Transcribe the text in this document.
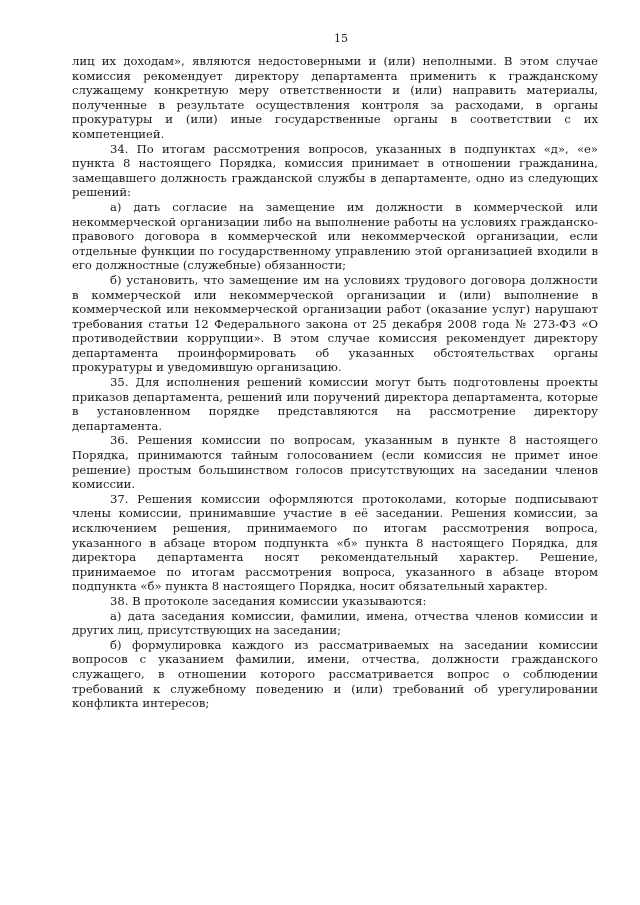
15

лиц их доходам», являются недостоверными и (или) неполными. В этом случае комиссия рекомендует директору департамента применить к гражданскому служащему конкретную меру ответственности и (или) направить материалы, полученные в результате осуществления контроля за расходами, в органы прокуратуры и (или) иные государственные органы в соответствии с их компетенцией.

34. По итогам рассмотрения вопросов, указанных в подпунктах «д», «е» пункта 8 настоящего Порядка, комиссия принимает в отношении гражданина, замещавшего должность гражданской службы в департаменте, одно из следующих решений:

а) дать согласие на замещение им должности в коммерческой или некоммерческой организации либо на выполнение работы на условиях гражданско-правового договора в коммерческой или некоммерческой организации, если отдельные функции по государственному управлению этой организацией входили в его должностные (служебные) обязанности;

б) установить, что замещение им на условиях трудового договора должности в коммерческой или некоммерческой организации и (или) выполнение в коммерческой или некоммерческой организации работ (оказание услуг) нарушают требования статьи 12 Федерального закона от 25 декабря 2008 года № 273-ФЗ «О противодействии коррупции». В этом случае комиссия рекомендует директору департамента проинформировать об указанных обстоятельствах органы прокуратуры и уведомившую организацию.

35. Для исполнения решений комиссии могут быть подготовлены проекты приказов департамента, решений или поручений директора департамента, которые в установленном порядке представляются на рассмотрение директору департамента.

36. Решения комиссии по вопросам, указанным в пункте 8 настоящего Порядка, принимаются тайным голосованием (если комиссия не примет иное решение) простым большинством голосов присутствующих на заседании членов комиссии.

37. Решения комиссии оформляются протоколами, которые подписывают члены комиссии, принимавшие участие в её заседании. Решения комиссии, за исключением решения, принимаемого по итогам рассмотрения вопроса, указанного в абзаце втором подпункта «б» пункта 8 настоящего Порядка, для директора департамента носят рекомендательный характер. Решение, принимаемое по итогам рассмотрения вопроса, указанного в абзаце втором подпункта «б» пункта 8 настоящего Порядка, носит обязательный характер.

38. В протоколе заседания комиссии указываются:

а) дата заседания комиссии, фамилии, имена, отчества членов комиссии и других лиц, присутствующих на заседании;

б) формулировка каждого из рассматриваемых на заседании комиссии вопросов с указанием фамилии, имени, отчества, должности гражданского служащего, в отношении которого рассматривается вопрос о соблюдении требований к служебному поведению и (или) требований об урегулировании конфликта интересов;
